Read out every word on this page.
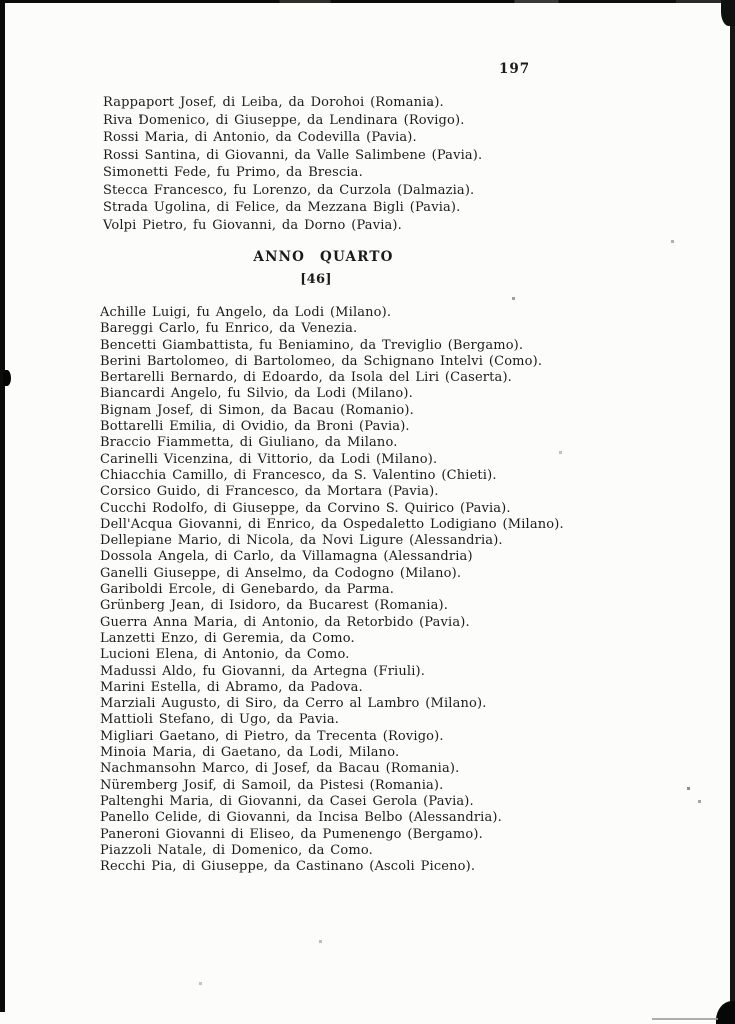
197

Rappaport Josef, di Leiba, da Dorohoi (Romania).

Riva Domenico, di Giuseppe, da Lendinara (Rovigo).

Rossi Maria, di Antonio, da Codevilla (Pavia).

Rossi Santina, di Giovanni, da Valle Salimbene (Pavia).

Simonetti Fede, fu Primo, da Brescia.

Stecca Francesco, fu Lorenzo, da Curzola (Dalmazia).

Strada Ugolina, di Felice, da Mezzana Bigli (Pavia).

Volpi Pietro, fu Giovanni, da Dorno (Pavia).

ANNO QUARTO
[46]

Achille Luigi, fu Angelo, da Lodi (Milano).

Bareggi Carlo, fu Enrico, da Venezia.

Bencetti Giambattista, fu Beniamino, da Treviglio (Bergamo).

Berini Bartolomeo, di Bartolomeo, da Schignano Intelvi (Como).

Bertarelli Bernardo, di Edoardo, da Isola del Liri (Caserta).

Biancardi Angelo, fu Silvio, da Lodi (Milano).

Bignam Josef, di Simon, da Bacau (Romanio).

Bottarelli Emilia, di Ovidio, da Broni (Pavia).

Braccio Fiammetta, di Giuliano, da Milano.

Carinelli Vicenzina, di Vittorio, da Lodi (Milano).

Chiacchia Camillo, di Francesco, da S. Valentino (Chieti).

Corsico Guido, di Francesco, da Mortara (Pavia).

Cucchi Rodolfo, di Giuseppe, da Corvino S. Quirico (Pavia).

Dell'Acqua Giovanni, di Enrico, da Ospedaletto Lodigiano (Milano).

Dellepiane Mario, di Nicola, da Novi Ligure (Alessandria).

Dossola Angela, di Carlo, da Villamagna (Alessandria)

Ganelli Giuseppe, di Anselmo, da Codogno (Milano).

Gariboldi Ercole, di Genebardo, da Parma.

Grünberg Jean, di Isidoro, da Bucarest (Romania).

Guerra Anna Maria, di Antonio, da Retorbido (Pavia).

Lanzetti Enzo, di Geremia, da Como.

Lucioni Elena, di Antonio, da Como.

Madussi Aldo, fu Giovanni, da Artegna (Friuli).

Marini Estella, di Abramo, da Padova.

Marziali Augusto, di Siro, da Cerro al Lambro (Milano).

Mattioli Stefano, di Ugo, da Pavia.

Migliari Gaetano, di Pietro, da Trecenta (Rovigo).

Minoia Maria, di Gaetano, da Lodi, Milano.

Nachmansohn Marco, di Josef, da Bacau (Romania).

Nüremberg Josif, di Samoil, da Pistesi (Romania).

Paltenghi Maria, di Giovanni, da Casei Gerola (Pavia).

Panello Celide, di Giovanni, da Incisa Belbo (Alessandria).

Paneroni Giovanni di Eliseo, da Pumenengo (Bergamo).

Piazzoli Natale, di Domenico, da Como.

Recchi Pia, di Giuseppe, da Castinano (Ascoli Piceno).
